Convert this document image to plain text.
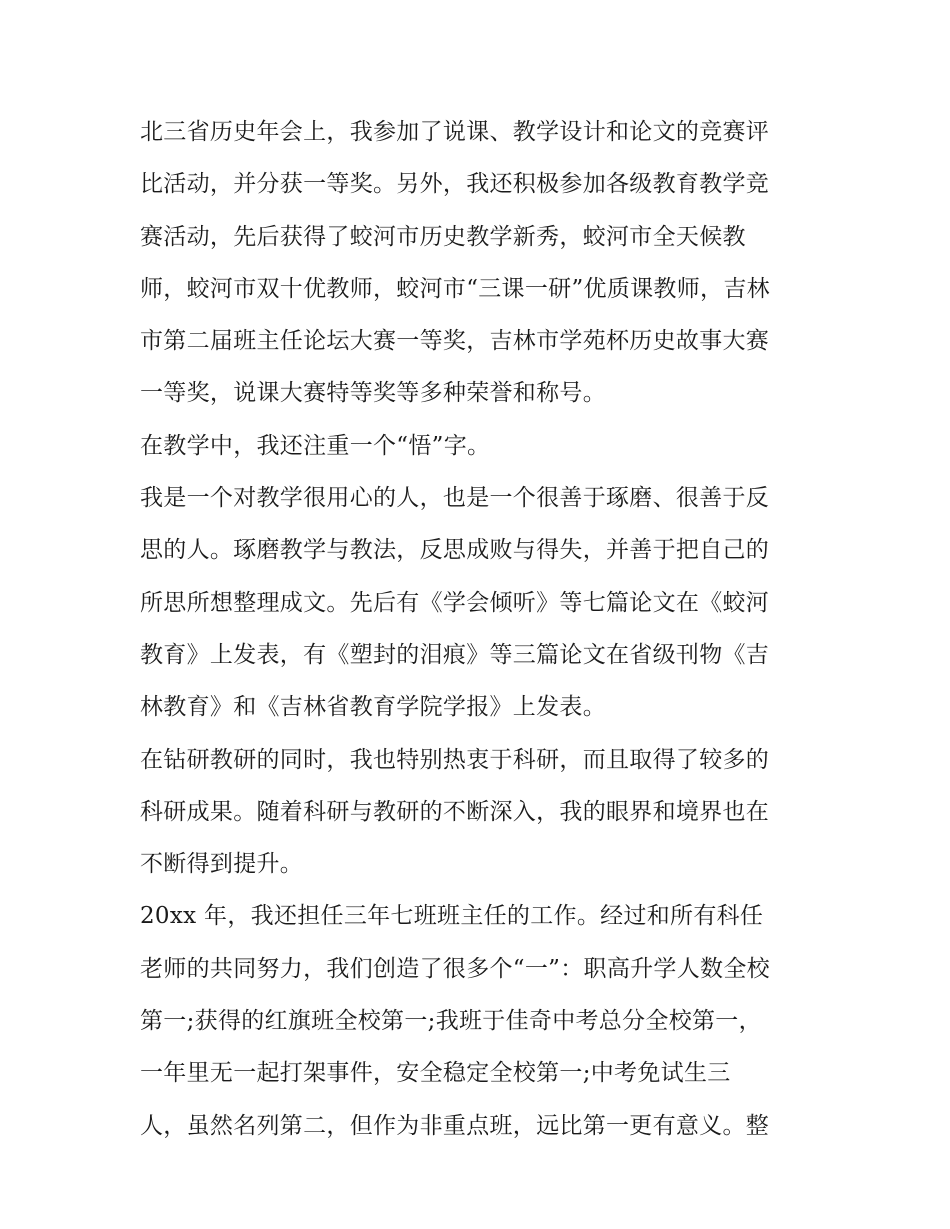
北三省历史年会上，我参加了说课、教学设计和论文的竞赛评
比活动，并分获一等奖。另外，我还积极参加各级教育教学竞
赛活动，先后获得了蛟河市历史教学新秀，蛟河市全天候教
师，蛟河市双十优教师，蛟河市“三课一研”优质课教师，吉林
市第二届班主任论坛大赛一等奖，吉林市学苑杯历史故事大赛
一等奖，说课大赛特等奖等多种荣誉和称号。
在教学中，我还注重一个“悟”字。
我是一个对教学很用心的人，也是一个很善于琢磨、很善于反
思的人。琢磨教学与教法，反思成败与得失，并善于把自己的
所思所想整理成文。先后有《学会倾听》等七篇论文在《蛟河
教育》上发表，有《塑封的泪痕》等三篇论文在省级刊物《吉
林教育》和《吉林省教育学院学报》上发表。
在钻研教研的同时，我也特别热衷于科研，而且取得了较多的
科研成果。随着科研与教研的不断深入，我的眼界和境界也在
不断得到提升。
20xx 年，我还担任三年七班班主任的工作。经过和所有科任
老师的共同努力，我们创造了很多个“一”：职高升学人数全校
第一;获得的红旗班全校第一;我班于佳奇中考总分全校第一，
一年里无一起打架事件，安全稳定全校第一;中考免试生三
人，虽然名列第二，但作为非重点班，远比第一更有意义。整
